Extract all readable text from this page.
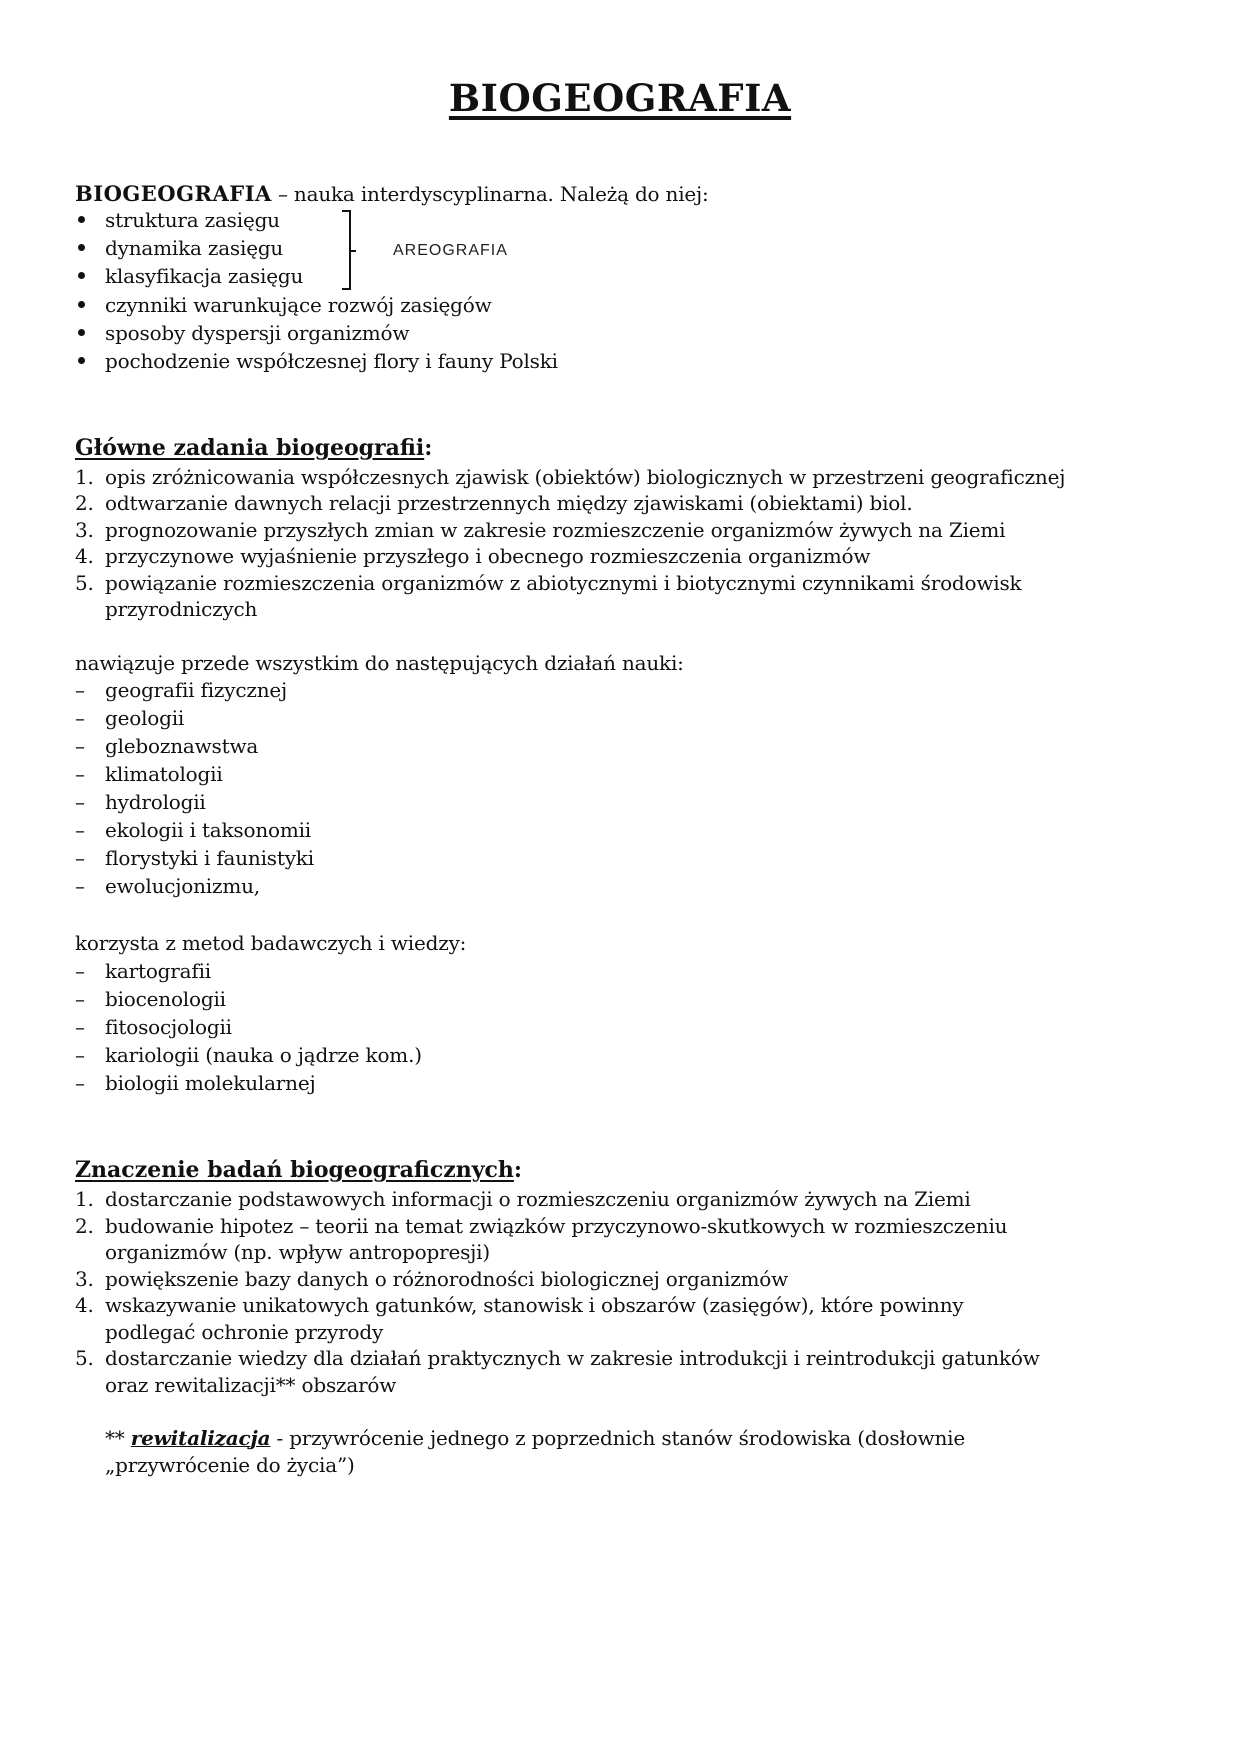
BIOGEOGRAFIA
BIOGEOGRAFIA – nauka interdyscyplinarna. Należą do niej:
struktura zasięgu
dynamika zasięgu
klasyfikacja zasięgu
czynniki warunkujące rozwój zasięgów
sposoby dyspersji organizmów
pochodzenie współczesnej flory i fauny Polski
AREOGRAFIA
Główne zadania biogeografii:
1. opis zróżnicowania współczesnych zjawisk (obiektów) biologicznych w przestrzeni geograficznej
2. odtwarzanie dawnych relacji przestrzennych między zjawiskami (obiektami) biol.
3. prognozowanie przyszłych zmian w zakresie rozmieszczenie organizmów żywych na Ziemi
4. przyczynowe wyjaśnienie przyszłego i obecnego rozmieszczenia organizmów
5. powiązanie rozmieszczenia organizmów z abiotycznymi i biotycznymi czynnikami środowisk
przyrodniczych
nawiązuje przede wszystkim do następujących działań nauki:
– geografii fizycznej
– geologii
– gleboznawstwa
– klimatologii
– hydrologii
– ekologii i taksonomii
– florystyki i faunistyki
– ewolucjonizmu,
korzysta z metod badawczych i wiedzy:
– kartografii
– biocenologii
– fitosocjologii
– kariologii (nauka o jądrze kom.)
– biologii molekularnej
Znaczenie badań biogeograficznych:
1. dostarczanie podstawowych informacji o rozmieszczeniu organizmów żywych na Ziemi
2. budowanie hipotez – teorii na temat związków przyczynowo-skutkowych w rozmieszczeniu
organizmów (np. wpływ antropopresji)
3. powiększenie bazy danych o różnorodności biologicznej organizmów
4. wskazywanie unikatowych gatunków, stanowisk i obszarów (zasięgów), które powinny
podlegać ochronie przyrody
5. dostarczanie wiedzy dla działań praktycznych w zakresie introdukcji i reintrodukcji gatunków
oraz rewitalizacji** obszarów
** rewitalizacja - przywrócenie jednego z poprzednich stanów środowiska (dosłownie
„przywrócenie do życia”)
